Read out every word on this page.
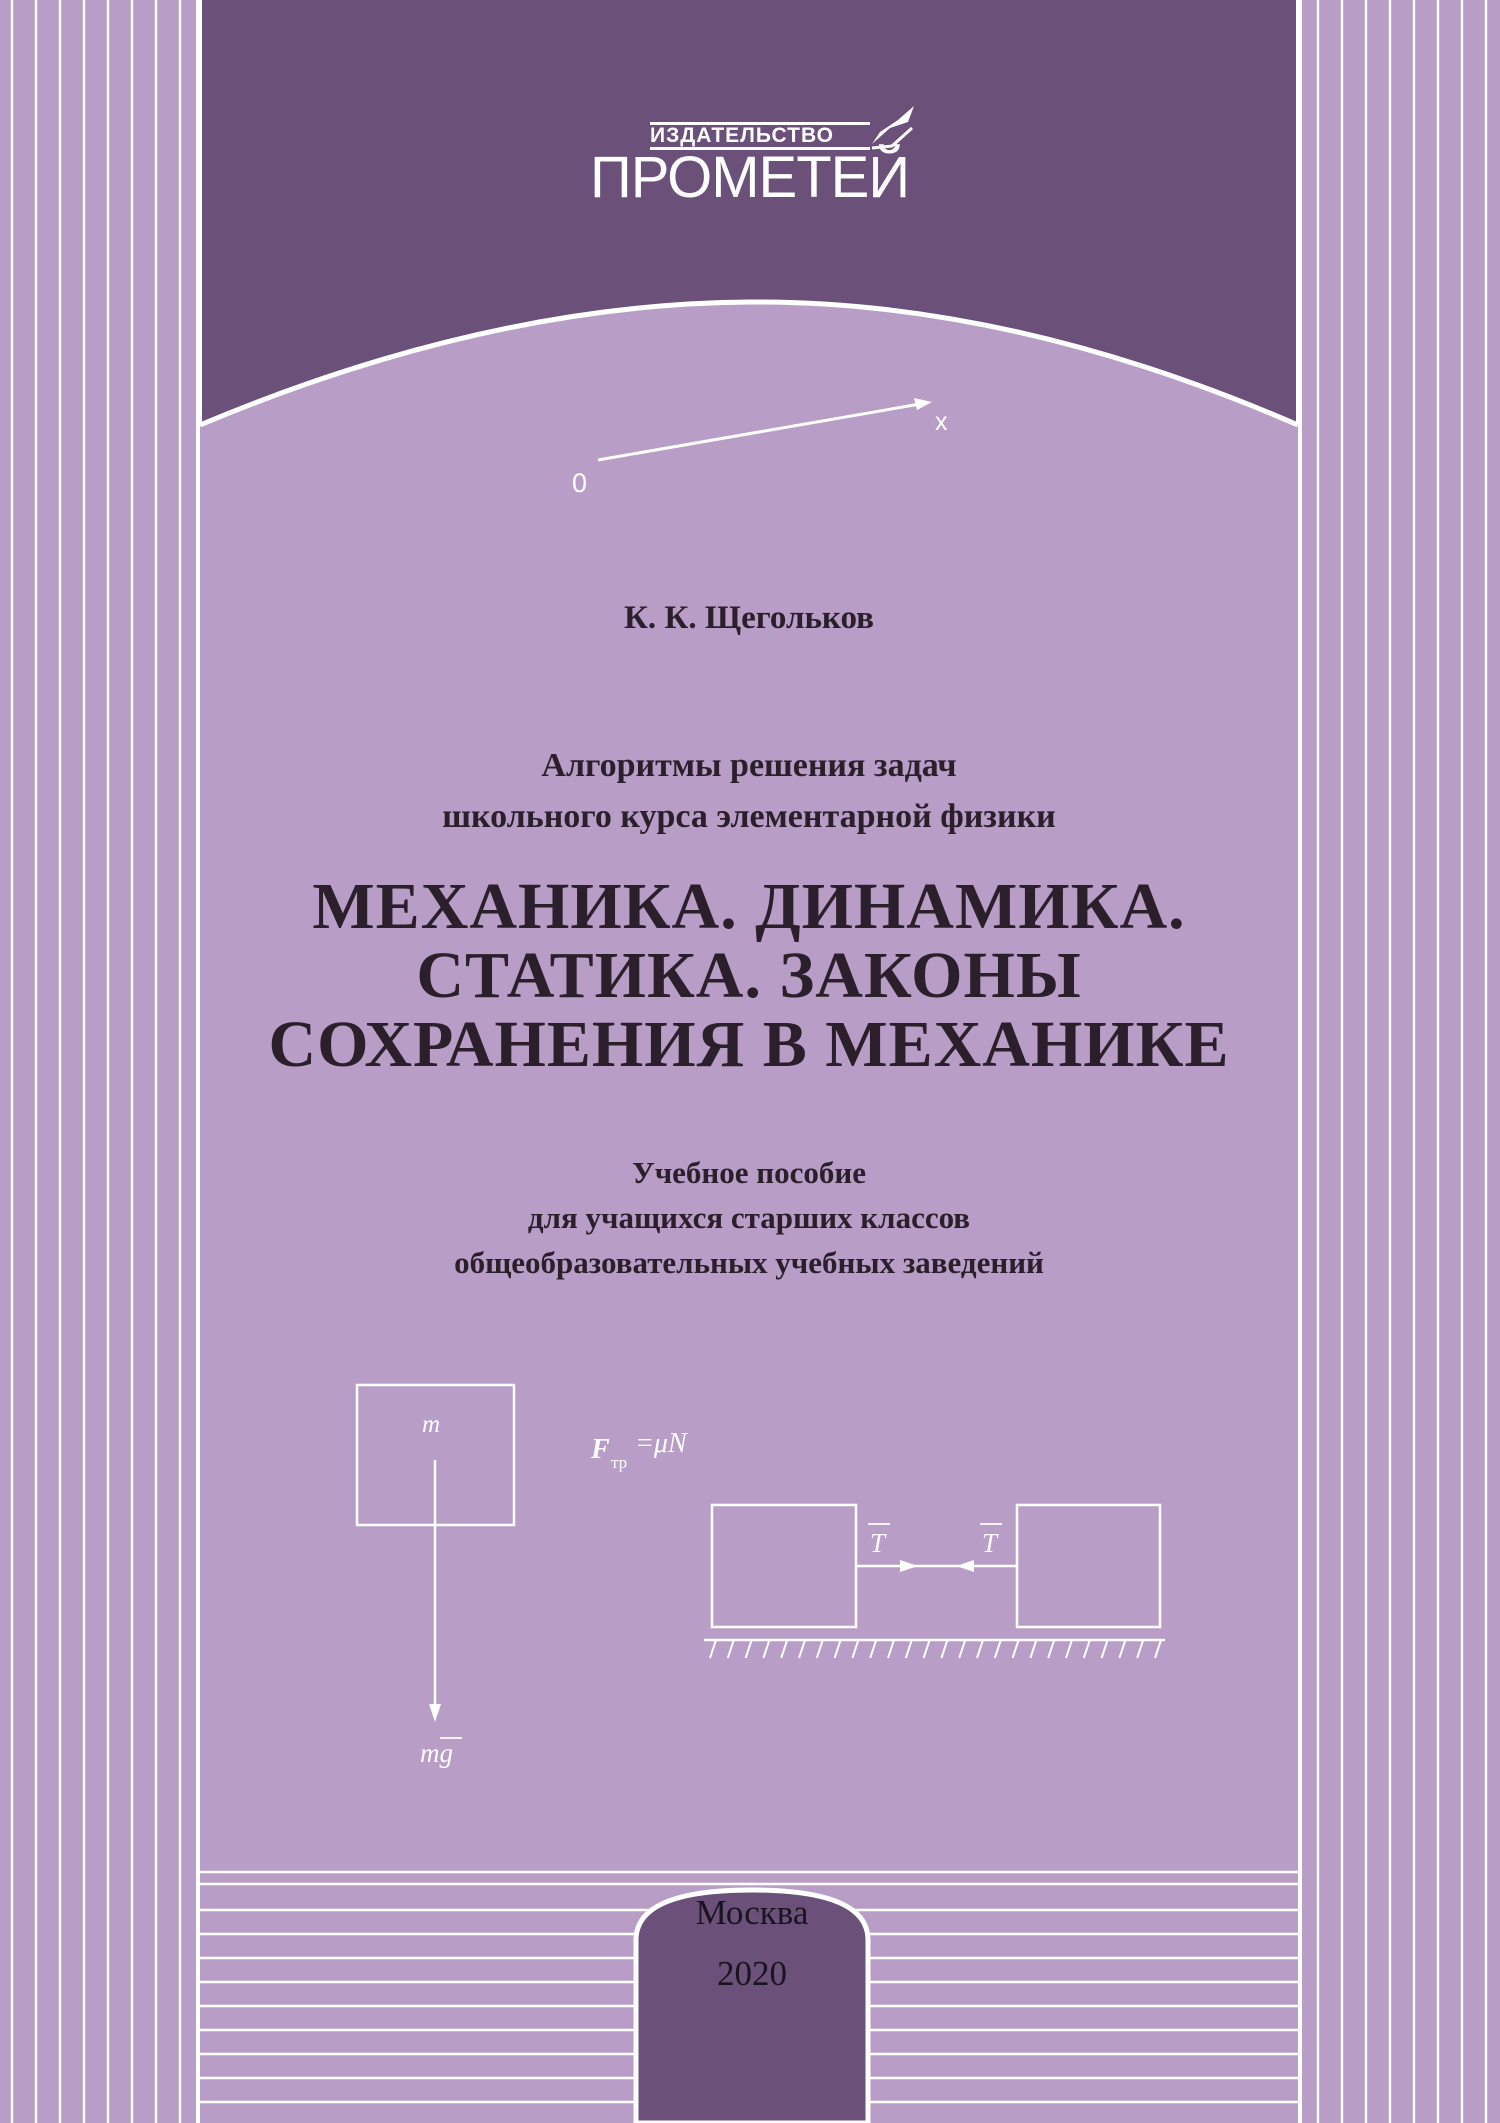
ИЗДАТЕЛЬСТВО
ПРОМЕТЕЙ
0
x
К. К. Щегольков
Алгоритмы решения задач
школьного курса элементарной физики
МЕХАНИКА. ДИНАМИКА.
СТАТИКА. ЗАКОНЫ
СОХРАНЕНИЯ В МЕХАНИКЕ
Учебное пособие
для учащихся старших классов
общеобразовательных учебных заведений
m
mg
F тр
=μN
T	T
Москва
2020
